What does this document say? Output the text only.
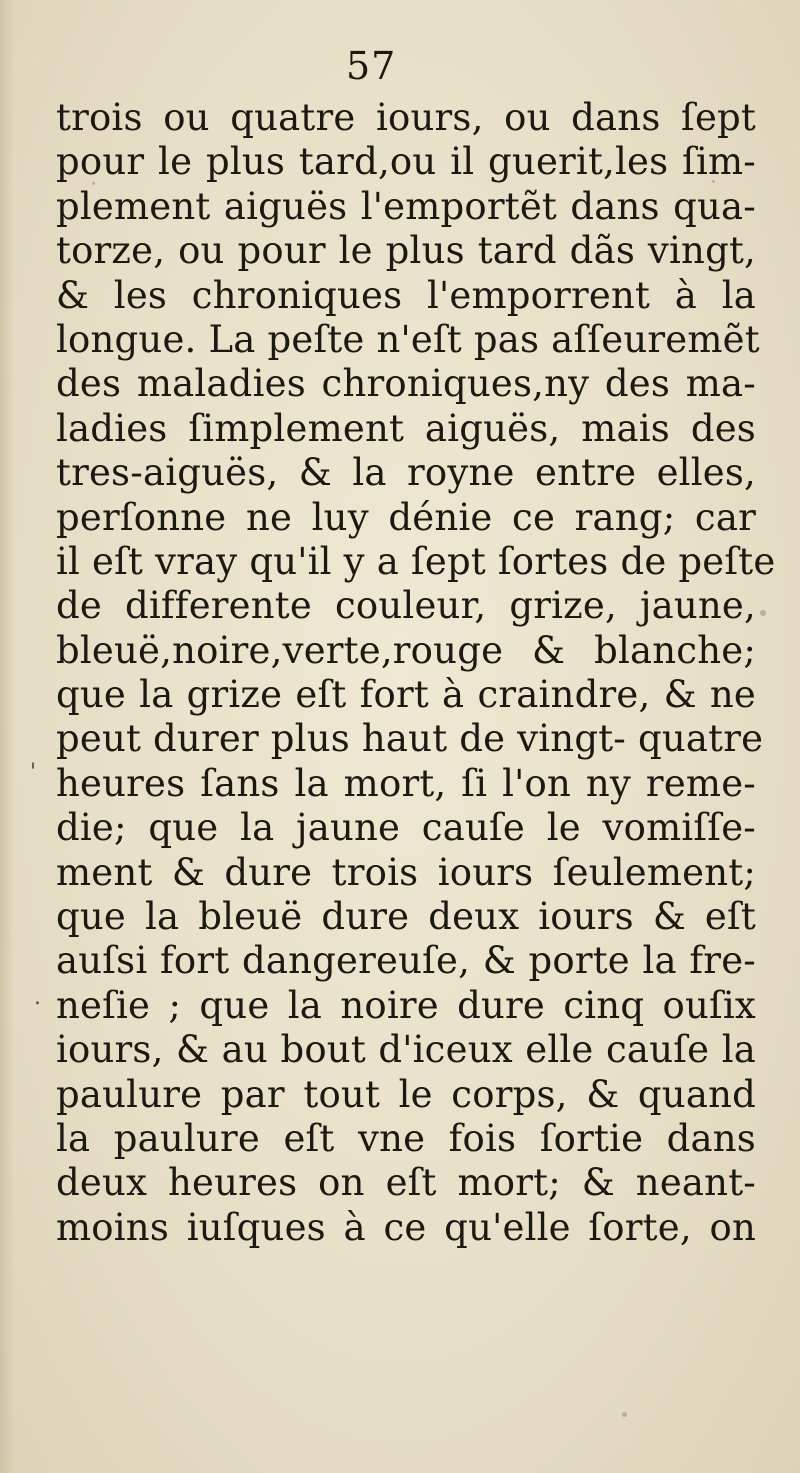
57
trois ou quatre iours, ou dans ſept
pour le plus tard,ou il guerit,les ſim-
plement aiguës l'emportẽt dans qua-
torze, ou pour le plus tard dãs vingt,
& les chroniques l'emporrent à la
longue. La peſte n'eſt pas aſſeuremẽt
des maladies chroniques,ny des ma-
ladies ſimplement aiguës, mais des
tres-aiguës, & la royne entre elles,
perſonne ne luy dénie ce rang; car
il eſt vray qu'il y a ſept ſortes de peſte
de differente couleur, grize, jaune,
bleuë,noire,verte,rouge & blanche;
que la grize eſt fort à craindre, & ne
peut durer plus haut de vingt- quatre
heures ſans la mort, ſi l'on ny reme-
die; que la jaune cauſe le vomiſſe-
ment & dure trois iours ſeulement;
que la bleuë dure deux iours & eſt
auſsi fort dangereuſe, & porte la fre-
neſie ; que la noire dure cinq ouſix
iours, & au bout d'iceux elle cauſe la
paulure par tout le corps, & quand
la paulure eſt vne fois ſortie dans
deux heures on eſt mort; & neant-
moins iuſques à ce qu'elle ſorte, on
'
.
